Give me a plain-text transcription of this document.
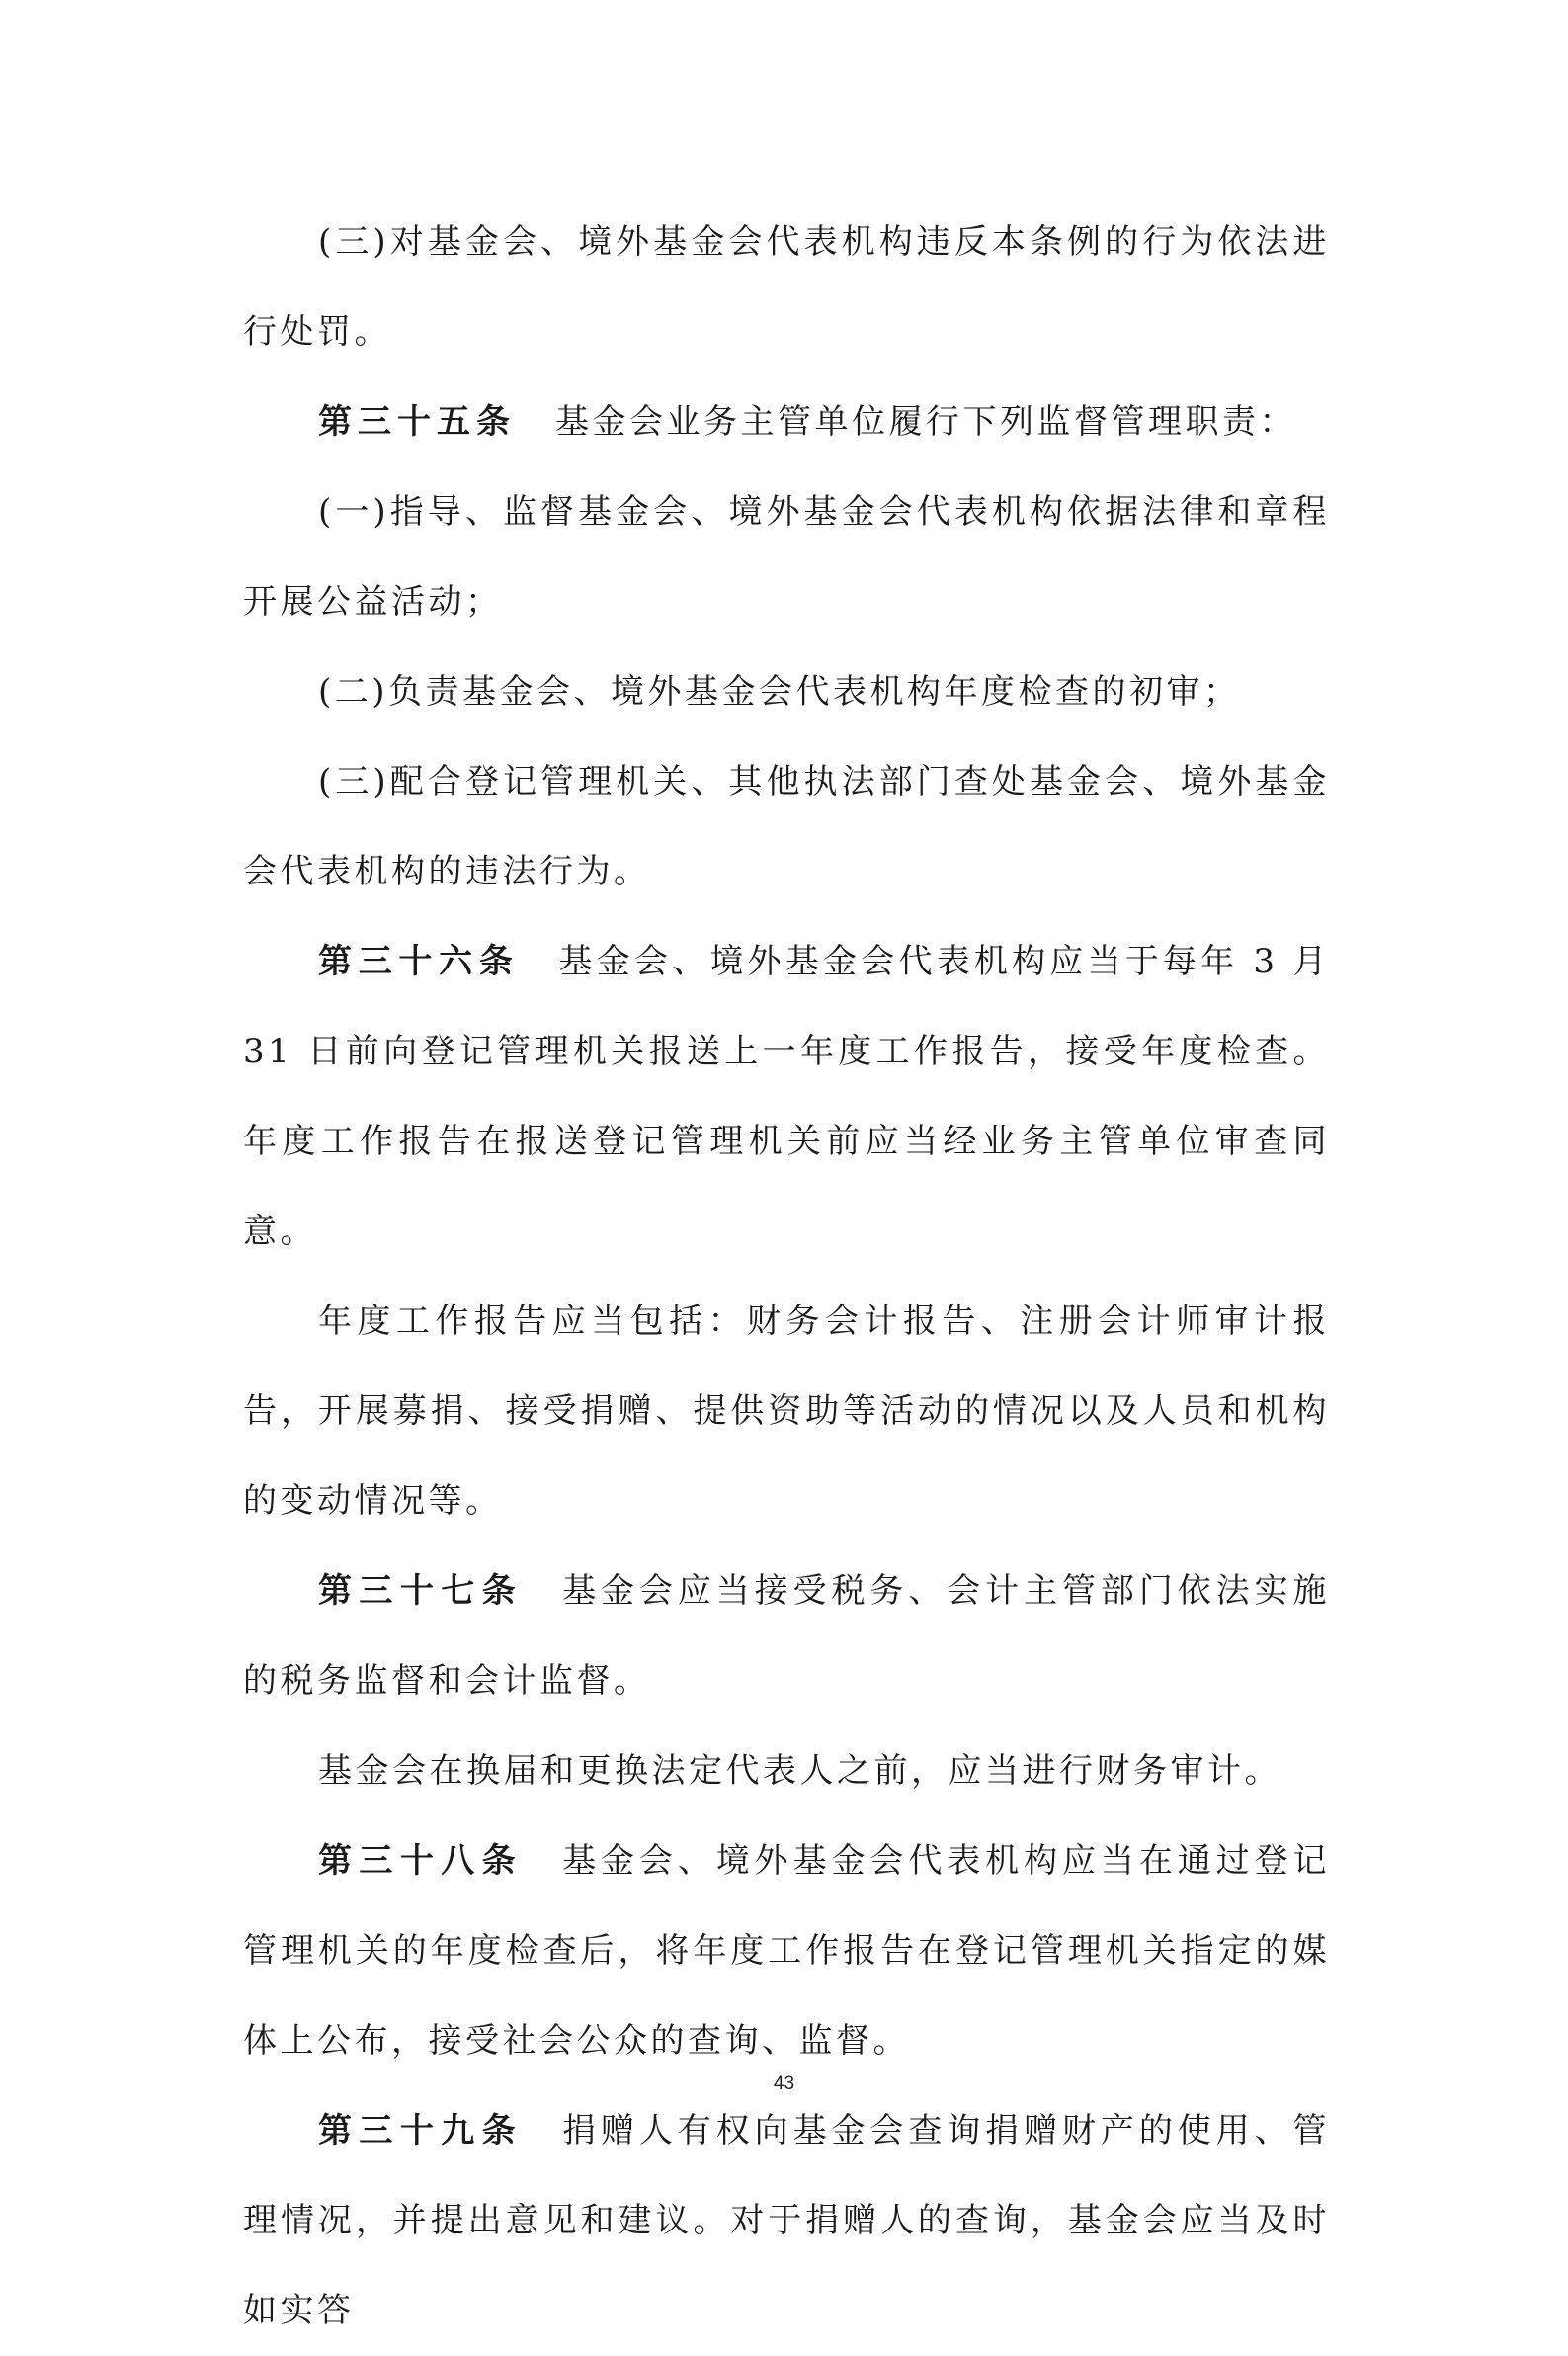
(三)对基金会、境外基金会代表机构违反本条例的行为依法进行处罚。

第三十五条 基金会业务主管单位履行下列监督管理职责：

(一)指导、监督基金会、境外基金会代表机构依据法律和章程开展公益活动；

(二)负责基金会、境外基金会代表机构年度检查的初审；

(三)配合登记管理机关、其他执法部门查处基金会、境外基金会代表机构的违法行为。

第三十六条 基金会、境外基金会代表机构应当于每年 3 月 31 日前向登记管理机关报送上一年度工作报告，接受年度检查。年度工作报告在报送登记管理机关前应当经业务主管单位审查同意。

年度工作报告应当包括：财务会计报告、注册会计师审计报告，开展募捐、接受捐赠、提供资助等活动的情况以及人员和机构的变动情况等。

第三十七条 基金会应当接受税务、会计主管部门依法实施的税务监督和会计监督。

基金会在换届和更换法定代表人之前，应当进行财务审计。

第三十八条 基金会、境外基金会代表机构应当在通过登记管理机关的年度检查后，将年度工作报告在登记管理机关指定的媒体上公布，接受社会公众的查询、监督。

第三十九条 捐赠人有权向基金会查询捐赠财产的使用、管理情况，并提出意见和建议。对于捐赠人的查询，基金会应当及时如实答

43
